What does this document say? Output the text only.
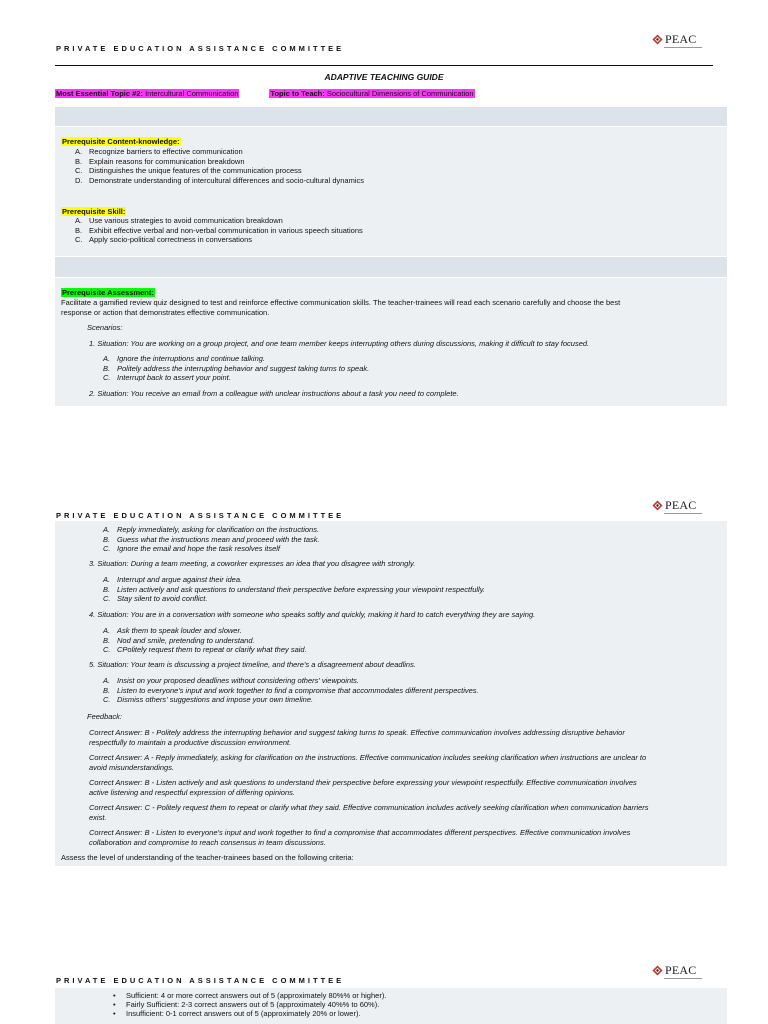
PRIVATE EDUCATION ASSISTANCE COMMITTEE
PEAC
ADAPTIVE TEACHING GUIDE
Most Essential Topic #2: Intercultural Communication	Topic to Teach: Sociocultural Dimensions of Communication
Prerequisite Content-knowledge:
A. Recognize barriers to effective communication
B. Explain reasons for communication breakdown
C. Distinguishes the unique features of the communication process
D. Demonstrate understanding of intercultural differences and socio-cultural dynamics
Prerequisite Skill:
A. Use various strategies to avoid communication breakdown
B. Exhibit effective verbal and non-verbal communication in various speech situations
C. Apply socio-political correctness in conversations
Prerequisite Assessment:
Facilitate a gamified review quiz designed to test and reinforce effective communication skills. The teacher-trainees will read each scenario carefully and choose the best
response or action that demonstrates effective communication.
Scenarios:
1. Situation: You are working on a group project, and one team member keeps interrupting others during discussions, making it difficult to stay focused.
A. Ignore the interruptions and continue talking.
B. Politely address the interrupting behavior and suggest taking turns to speak.
C. Interrupt back to assert your point.
2. Situation: You receive an email from a colleague with unclear instructions about a task you need to complete.
PRIVATE EDUCATION ASSISTANCE COMMITTEE
PEAC
A. Reply immediately, asking for clarification on the instructions.
B. Guess what the instructions mean and proceed with the task.
C. Ignore the email and hope the task resolves itself
3. Situation: During a team meeting, a coworker expresses an idea that you disagree with strongly.
A. Interrupt and argue against their idea.
B. Listen actively and ask questions to understand their perspective before expressing your viewpoint respectfully.
C. Stay silent to avoid conflict.
4. Situation: You are in a conversation with someone who speaks softly and quickly, making it hard to catch everything they are saying.
A. Ask them to speak louder and slower.
B. Nod and smile, pretending to understand.
C. CPolitely request them to repeat or clarify what they said.
5. Situation: Your team is discussing a project timeline, and there's a disagreement about deadlins.
A. Insist on your proposed deadlines without considering others' viewpoints.
B. Listen to everyone's input and work together to find a compromise that accommodates different perspectives.
C. Dismiss others' suggestions and impose your own timeline.
Feedback:
Correct Answer: B - Politely address the interrupting behavior and suggest taking turns to speak. Effective communication involves addressing disruptive behavior
respectfully to maintain a productive discussion environment.
Correct Answer: A - Reply immediately, asking for clarification on the instructions. Effective communication includes seeking clarification when instructions are unclear to
avoid misunderstandings.
Correct Answer: B - Listen actively and ask questions to understand their perspective before expressing your viewpoint respectfully. Effective communication involves
active listening and respectful expression of differing opinions.
Correct Answer: C - Politely request them to repeat or clarify what they said. Effective communication includes actively seeking clarification when communication barriers
exist.
Correct Answer: B - Listen to everyone's input and work together to find a compromise that accommodates different perspectives. Effective communication involves
collaboration and compromise to reach consensus in team discussions.
Assess the level of understanding of the teacher-trainees based on the following criteria:
PRIVATE EDUCATION ASSISTANCE COMMITTEE
PEAC
• Sufficient: 4 or more correct answers out of 5 (approximately 80%% or higher).
• Fairly Sufficient: 2-3 correct answers out of 5 (approximately 40%% to 60%).
• Insufficient: 0-1 correct answers out of 5 (approximately 20% or lower).
